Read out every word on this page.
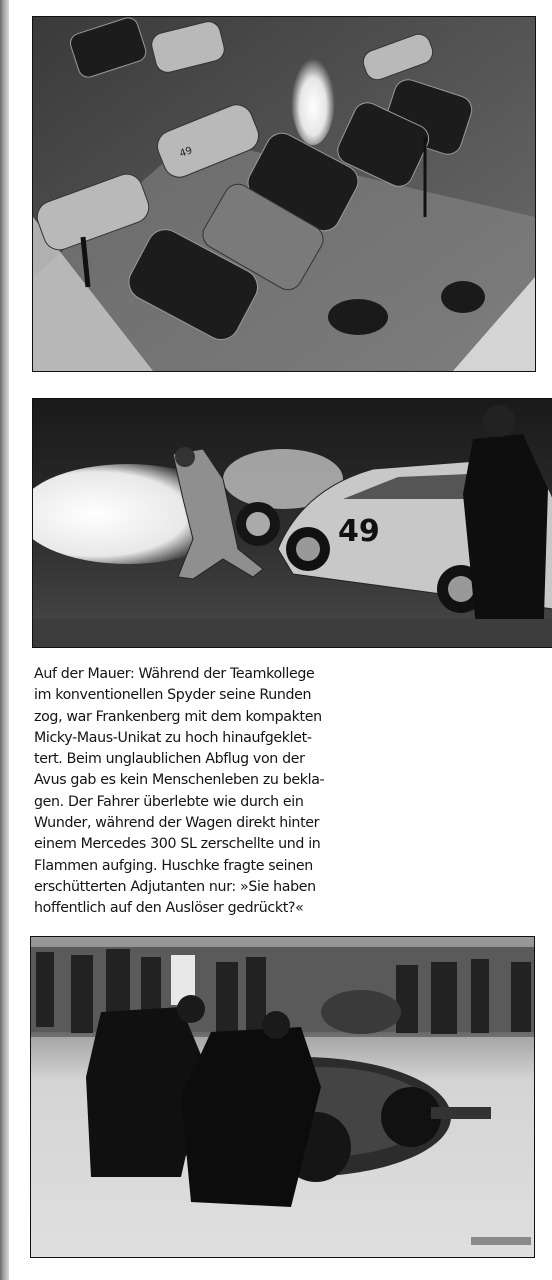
49
49
Auf der Mauer: Während der Teamkollege
im konventionellen Spyder seine Runden
zog, war Frankenberg mit dem kompakten
Micky-Maus-Unikat zu hoch hinaufgeklet-
tert. Beim unglaublichen Abflug von der
Avus gab es kein Menschenleben zu bekla-
gen. Der Fahrer überlebte wie durch ein
Wunder, während der Wagen direkt hinter
einem Mercedes 300 SL zerschellte und in
Flammen aufging. Huschke fragte seinen
erschütterten Adjutanten nur: »Sie haben
hoffentlich auf den Auslöser gedrückt?«
